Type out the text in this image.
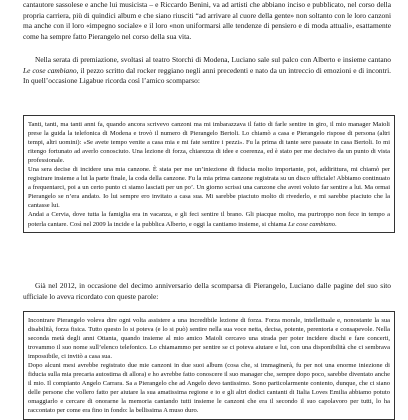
cantautore sassolese e anche lui musicista – e Riccardo Benini, va ad artisti che abbiano inciso e pubblicato, nel corso della propria carriera, più di quindici album e che siano riusciti “ad arrivare al cuore della gente» non soltanto con le loro canzoni ma anche con il loro «impegno sociale» e il loro «non uniformarsi alle tendenze di pensiero e di moda attuali», esattamente come ha sempre fatto Pierangelo nel corso della sua vita.
Nella serata di premiazione, svoltasi al teatro Storchi di Modena, Luciano sale sul palco con Alberto e insieme cantano Le cose cambiano, il pezzo scritto dal rocker reggiano negli anni precedenti e nato da un intreccio di emozioni e di incontri. In quell’occasione Ligabue ricorda così l’amico scomparso:

Tanti, tanti, ma tanti anni fa, quando ancora scrivevo canzoni ma mi imbarazzava il fatto di farle sentire in giro, il mio manager Maioli prese la guida la telefonica di Modena e trovò il numero di Pierangelo Bertoli. Lo chiamò a casa e Pierangelo rispose di persona (altri tempi, altri uomini): «Se avete tempo venite a casa mia e mi fate sentire i pezzi». Fu la prima di tante sere passate in casa Bertoli. Io mi ritengo fortunato ad averlo conosciuto. Una lezione di forza, chiarezza di idee e coerenza, ed è stato per me decisivo da un punto di vista professionale.

Una sera decise di incidere una mia canzone. È stata per me un’iniezione di fiducia molto importante, poi, addirittura, mi chiamò per registrare insieme a lui la parte finale, la coda della canzone. Fu la mia prima canzone registrata su un disco ufficiale! Abbiamo continuato a frequentarci, poi a un certo punto ci siamo lasciati per un po’. Un giorno scrissi una canzone che avrei voluto far sentire a lui. Ma ormai Pierangelo se n’era andato. Io lui sempre ero invitato a casa sua. Mi sarebbe piaciuto molto di rivederlo, e mi sarebbe piaciuto che la cantasse lui.

Andai a Cervia, dove tutta la famiglia era in vacanza, e gli feci sentire il brano. Gli piacque molto, ma purtroppo non fece in tempo a poterla cantare. Così nel 2009 la incide e la pubblica Alberto, e oggi la cantiamo insieme, si chiama Le cose cambiano.

Già nel 2012, in occasione del decimo anniversario della scomparsa di Pierangelo, Luciano dalle pagine del suo sito ufficiale lo aveva ricordato con queste parole:

Incontrare Pierangelo voleva dire ogni volta assistere a una incredibile lezione di forza. Forza morale, intellettuale e, nonostante la sua disabilità, forza fisica. Tutto questo lo si poteva (e lo si può) sentire nella sua voce netta, decisa, potente, perentoria e consapevole. Nella seconda metà degli anni Ottanta, quando insieme al mio amico Maioli cercavo una strada per poter incidere dischi e fare concerti, trovammo il suo nome sull’elenco telefonico. Lo chiamammo per sentire se ci poteva aiutare e lui, con una disponibilità che ci sembrava impossibile, ci invitò a casa sua.

Dopo alcuni mesi avrebbe registrato due mie canzoni in due suoi album (cosa che, si immaginerà, fu per noi una enorme iniezione di fiducia sulla mia precaria autostima di allora) e ho avrebbe fatto conoscere il suo manager che, sempre dopo poco, sarebbe diventato anche il mio. Il compianto Angelo Carrara. Sa a Pierangelo che ad Angelo devo tantissimo. Sono particolarmente contento, dunque, che ci siano delle persone che vollero fatto per aiutare la sua amatissima regione e io e gli altri dodici cantanti di Italia Loves Emilia abbiamo potuto omaggiarlo e cercare di onorarne la memoria cantando tutti insieme le canzoni che era il secondo il suo capolavoro per tutti, lo ha raccontato per come era fino in fondo: la bellissima A muso duro.
